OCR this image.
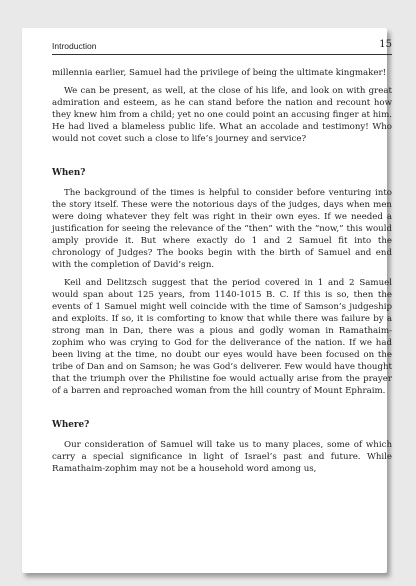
Introduction	15

millennia earlier, Samuel had the privilege of being the ultimate kingmaker!

We can be present, as well, at the close of his life, and look on with great admiration and esteem, as he can stand before the nation and recount how they knew him from a child; yet no one could point an accusing finger at him. He had lived a blameless public life. What an accolade and testimony! Who would not covet such a close to life’s journey and service?

When?

The background of the times is helpful to consider before venturing into the story itself. These were the notorious days of the judges, days when men were doing whatever they felt was right in their own eyes. If we needed a justification for seeing the relevance of the “then” with the “now,” this would amply provide it. But where exactly do 1 and 2 Samuel fit into the chronology of Judges? The books begin with the birth of Samuel and end with the completion of David’s reign.

Keil and Delitzsch suggest that the period covered in 1 and 2 Samuel would span about 125 years, from 1140-1015 B. C. If this is so, then the events of 1 Samuel might well coincide with the time of Samson’s judgeship and exploits. If so, it is comforting to know that while there was failure by a strong man in Dan, there was a pious and godly woman in Ramathaim-zophim who was crying to God for the deliverance of the nation. If we had been living at the time, no doubt our eyes would have been focused on the tribe of Dan and on Samson; he was God’s deliverer. Few would have thought that the triumph over the Philistine foe would actually arise from the prayer of a barren and reproached woman from the hill country of Mount Ephraim.

Where?

Our consideration of Samuel will take us to many places, some of which carry a special significance in light of Israel’s past and future. While Ramathaim-zophim may not be a household word among us,
